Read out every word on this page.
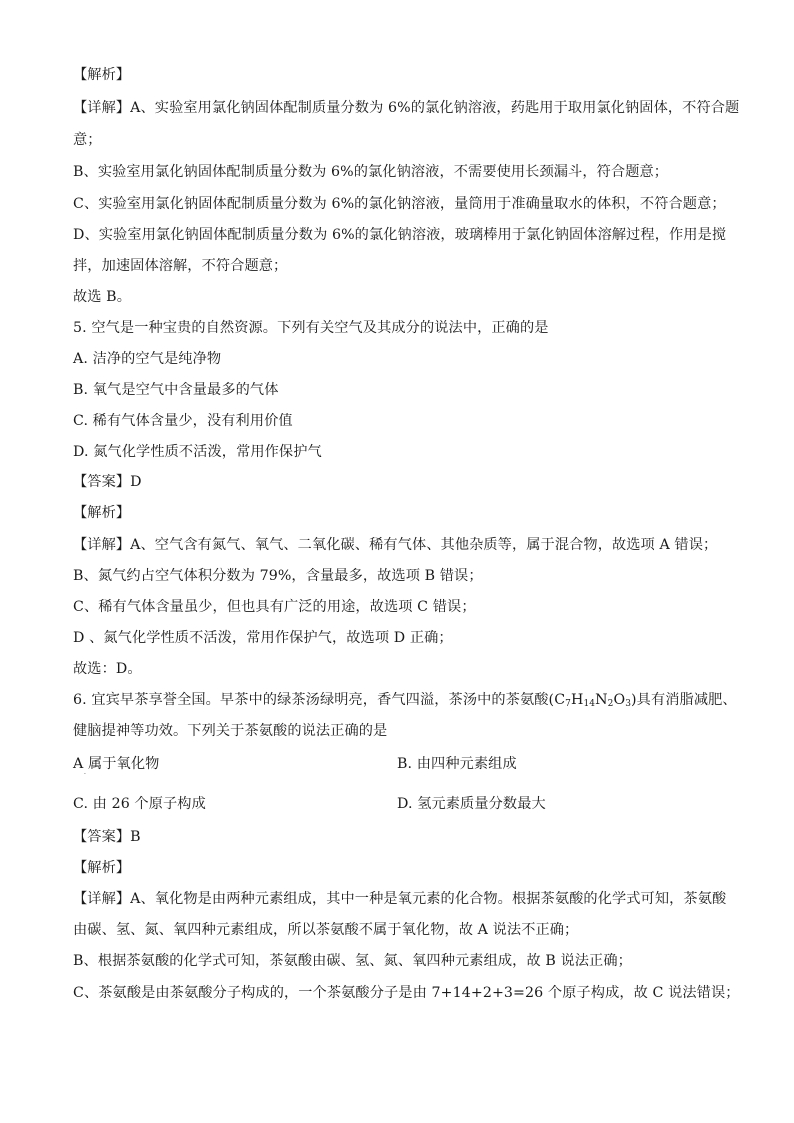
【解析】
【详解】A、实验室用氯化钠固体配制质量分数为 6%的氯化钠溶液，药匙用于取用氯化钠固体，不符合题
意；
B、实验室用氯化钠固体配制质量分数为 6%的氯化钠溶液，不需要使用长颈漏斗，符合题意；
C、实验室用氯化钠固体配制质量分数为 6%的氯化钠溶液，量筒用于准确量取水的体积，不符合题意；
D、实验室用氯化钠固体配制质量分数为 6%的氯化钠溶液，玻璃棒用于氯化钠固体溶解过程，作用是搅
拌，加速固体溶解，不符合题意；
故选 B。
5. 空气是一种宝贵的自然资源。下列有关空气及其成分的说法中，正确的是
A. 洁净的空气是纯净物
B. 氧气是空气中含量最多的气体
C. 稀有气体含量少，没有利用价值
D. 氮气化学性质不活泼，常用作保护气
【答案】D
【解析】
【详解】A、空气含有氮气、氧气、二氧化碳、稀有气体、其他杂质等，属于混合物，故选项 A 错误；
B、氮气约占空气体积分数为 79%，含量最多，故选项 B 错误；
C、稀有气体含量虽少，但也具有广泛的用途，故选项 C 错误；
D 、氮气化学性质不活泼，常用作保护气，故选项 D 正确；
故选：D。
6. 宜宾早茶享誉全国。早茶中的绿茶汤绿明亮，香气四溢，茶汤中的茶氨酸$(C_7H_{14}N_2O_3)$具有消脂减肥、
健脑提神等功效。下列关于茶氨酸的说法正确的是
A 属于氧化物
·
B. 由四种元素组成
C. 由 26 个原子构成	D. 氢元素质量分数最大
【答案】B
【解析】
【详解】A、氧化物是由两种元素组成，其中一种是氧元素的化合物。根据茶氨酸的化学式可知，茶氨酸
由碳、氢、氮、氧四种元素组成，所以茶氨酸不属于氧化物，故 A 说法不正确；
B、根据茶氨酸的化学式可知，茶氨酸由碳、氢、氮、氧四种元素组成，故 B 说法正确；
C、茶氨酸是由茶氨酸分子构成的，一个茶氨酸分子是由 7+14+2+3=26 个原子构成，故 C 说法错误；
